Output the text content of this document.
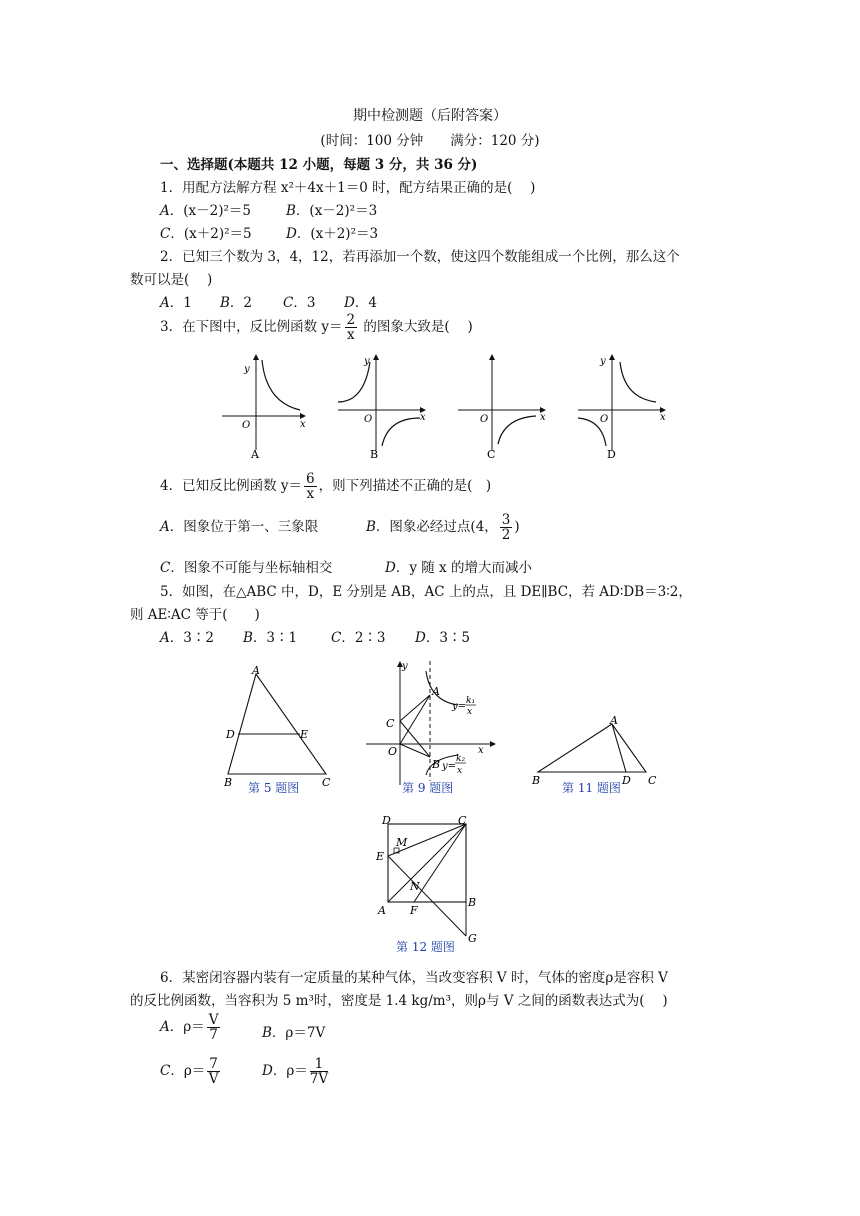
期中检测题（后附答案）
(时间：100 分钟　　满分：120 分)
一、选择题(本题共 12 小题，每题 3 分，共 36 分)
1．用配方法解方程 x²＋4x＋1＝0 时，配方结果正确的是(　 )
A．(x－2)²＝5	B．(x－2)²＝3
C．(x＋2)²＝5	D．(x＋2)²＝3
2．已知三个数为 3，4，12，若再添加一个数，使这四个数能组成一个比例，那么这个
数可以是(　 )
A．1 B．2 C．3 D．4
3．在下图中，反比例函数 $y= \frac{2}{x}$ 的图象大致是(　 )
y
x
O
A
y
x
O
B
O	x
C
y
x
O
D
4．已知反比例函数 $y= \frac{6}{x}$ ，则下列描述不正确的是(　)
A．图象位于第一、三象限	B．图象必经过点(4， $\frac{3}{2}$ )
C．图象不可能与坐标轴相交	D．y 随 x 的增大而减小
5．如图，在△ABC 中，D，E 分别是 AB，AC 上的点，且 DE∥BC，若 AD∶DB＝3∶2，
则 AE∶AC 等于(　　)
A．3∶2 B．3∶1	C．2∶3 D．3∶5
A
D	E
B	C
第 5 题图
y
A
C
O
B
x
y= k₁
x
y=
k₂
x
第 9 题图
A
B	D C
第 11 题图
D	C
M
E
N
A F
B
G
第 12 题图
6．某密闭容器内装有一定质量的某种气体，当改变容积 V 时，气体的密度ρ是容积 V
的反比例函数，当容积为 5 m³时，密度是 1.4 kg/m³，则ρ与 V 之间的函数表达式为(　 )
A．$\rho= \frac{V}{7}$	B．ρ＝7V
C．$\rho= \frac{7}{V}$	D．$\rho= \frac{1}{7V}$
